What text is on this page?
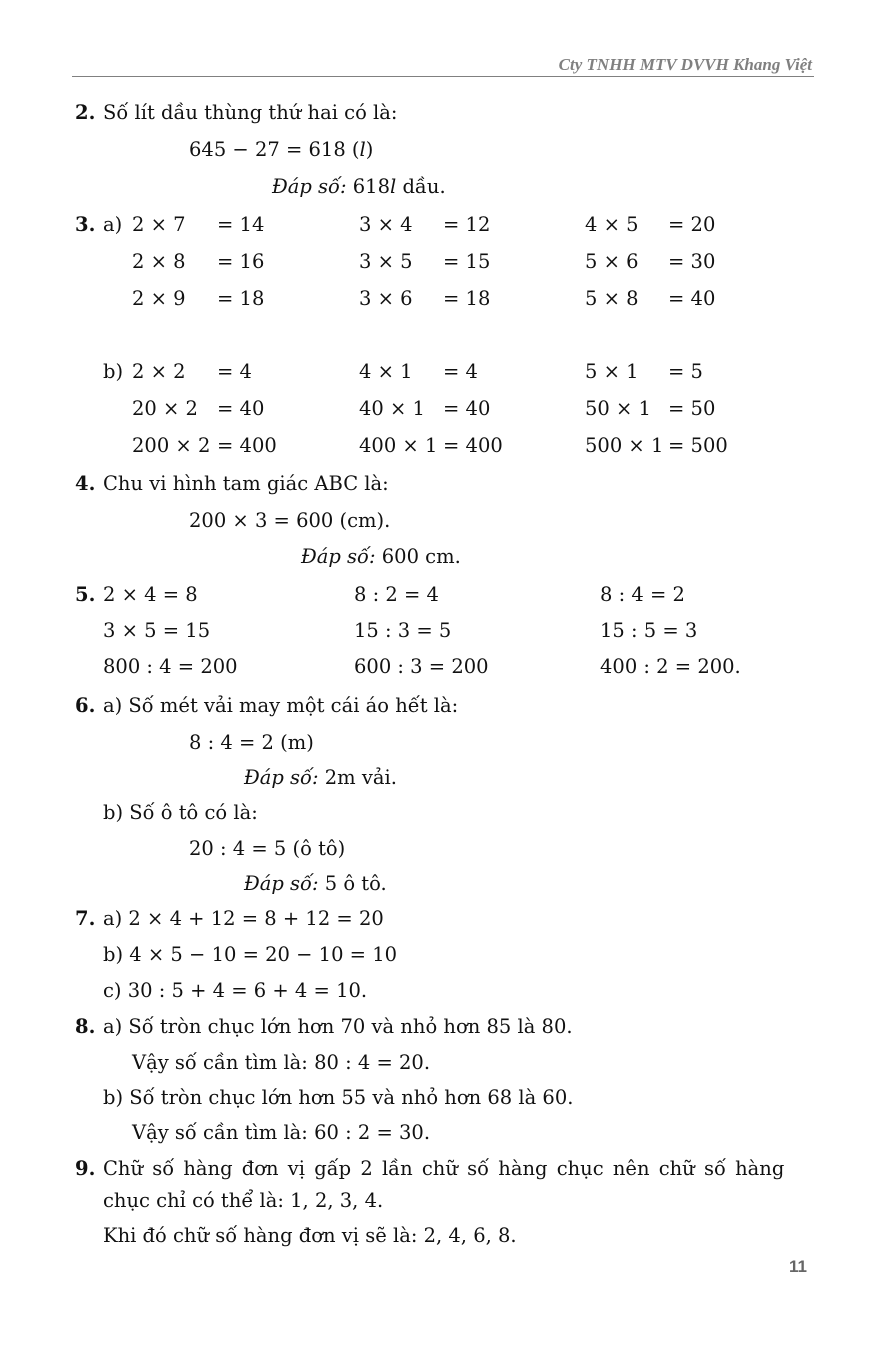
Cty TNHH MTV DVVH Khang Việt
2. Số lít dầu thùng thứ hai có là:
645 − 27 = 618 (l)
Đáp số: 618l dầu.
3. a)
b)
2 × 7 = 14	3 × 4 = 12	4 × 5 = 20
2 × 8 = 16	3 × 5 = 15	5 × 6 = 30
2 × 9 = 18	3 × 6 = 18	5 × 8 = 40
2 × 2 = 4	4 × 1 = 4	5 × 1 = 5
20 × 2 = 40	40 × 1 = 40	50 × 1 = 50
200 × 2 = 400	400 × 1 = 400	500 × 1 = 500
4. Chu vi hình tam giác ABC là:
200 × 3 = 600 (cm).
Đáp số: 600 cm.
5. 2 × 4 = 8	8 : 2 = 4	8 : 4 = 2
3 × 5 = 15	15 : 3 = 5	15 : 5 = 3
800 : 4 = 200	600 : 3 = 200	400 : 2 = 200.
6. a) Số mét vải may một cái áo hết là:
8 : 4 = 2 (m)
Đáp số: 2m vải.
b) Số ô tô có là:
20 : 4 = 5 (ô tô)
Đáp số: 5 ô tô.
7. a) 2 × 4 + 12 = 8 + 12 = 20
b) 4 × 5 − 10 = 20 − 10 = 10
c) 30 : 5 + 4 = 6 + 4 = 10.
8. a) Số tròn chục lớn hơn 70 và nhỏ hơn 85 là 80.
Vậy số cần tìm là: 80 : 4 = 20.
b) Số tròn chục lớn hơn 55 và nhỏ hơn 68 là 60.
Vậy số cần tìm là: 60 : 2 = 30.
9. Chữ số hàng đơn vị gấp 2 lần chữ số hàng chục nên chữ số hàng
chục chỉ có thể là: 1, 2, 3, 4.
Khi đó chữ số hàng đơn vị sẽ là: 2, 4, 6, 8.
11
